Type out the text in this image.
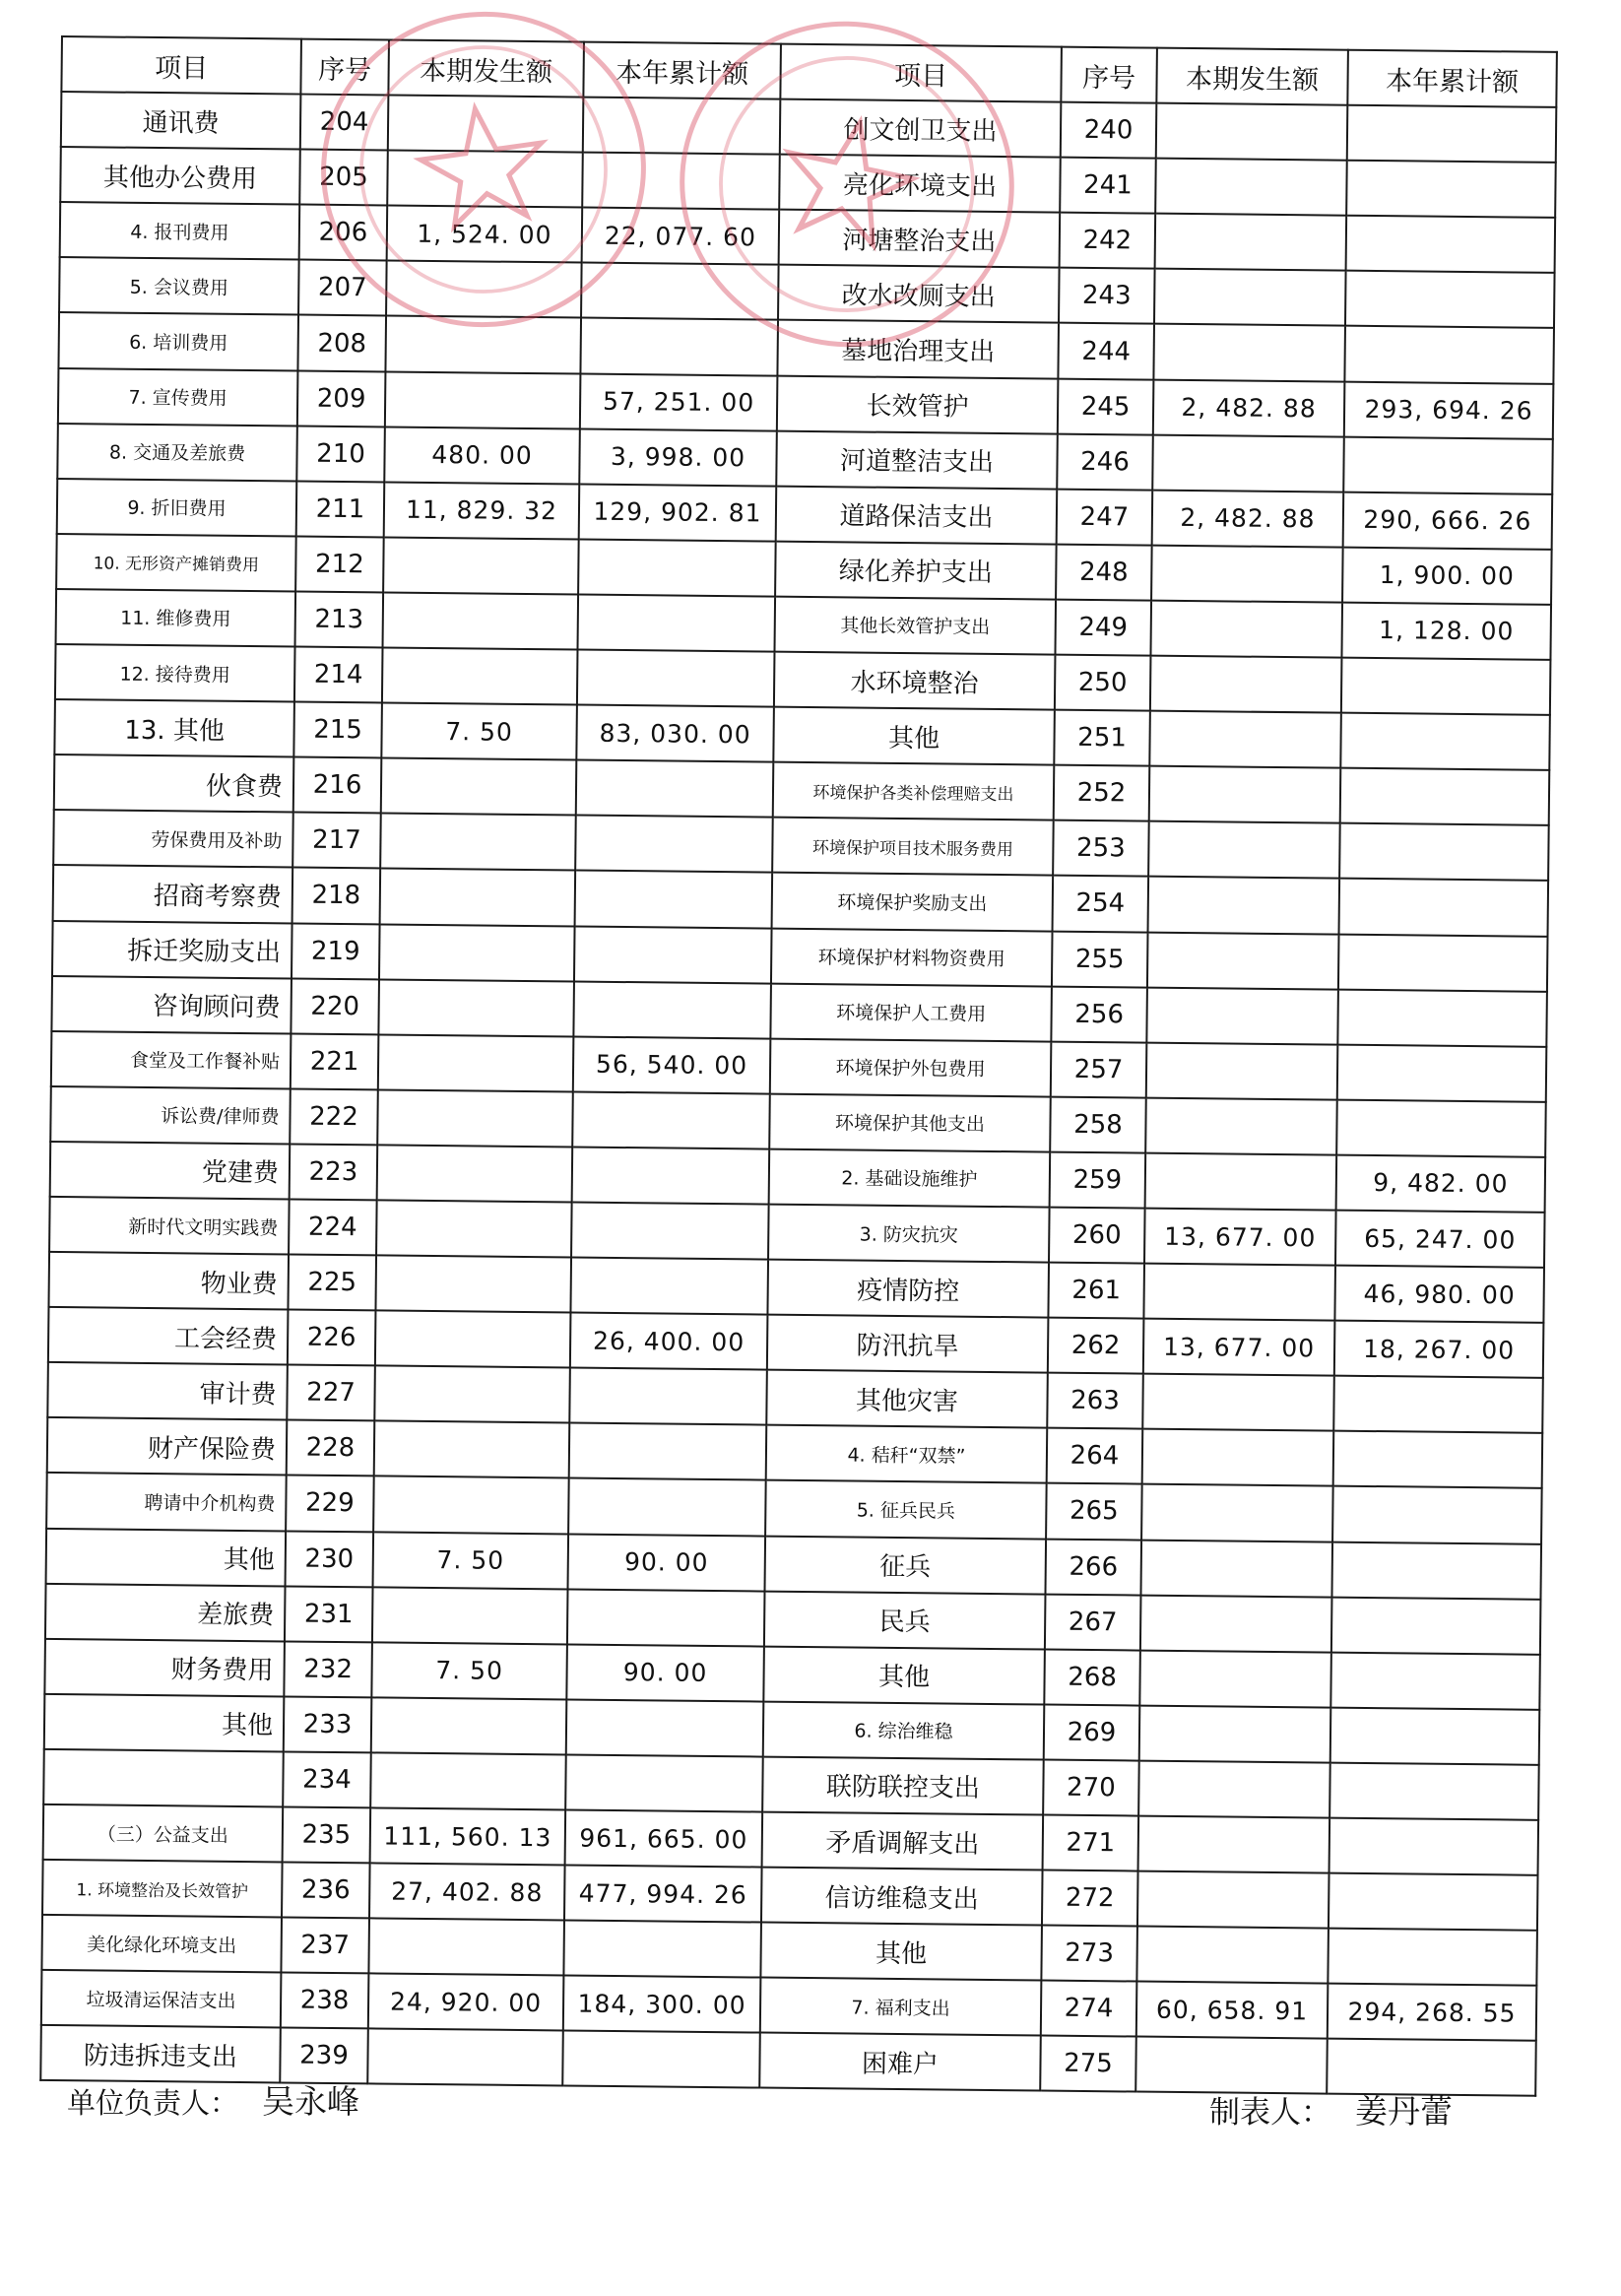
项目	序号	本期发生额	本年累计额	项目	序号	本期发生额	本年累计额
通讯费	204			创文创卫支出	240		
其他办公费用	205			亮化环境支出	241		
4. 报刊费用	206	1, 524. 00	22, 077. 60	河塘整治支出	242		
5. 会议费用	207			改水改厕支出	243		
6. 培训费用	208			墓地治理支出	244		
7. 宣传费用	209		57, 251. 00	长效管护	245	2, 482. 88	293, 694. 26
8. 交通及差旅费	210	480. 00	3, 998. 00	河道整洁支出	246		
9. 折旧费用	211	11, 829. 32	129, 902. 81	道路保洁支出	247	2, 482. 88	290, 666. 26
10. 无形资产摊销费用	212			绿化养护支出	248		1, 900. 00
11. 维修费用	213			其他长效管护支出	249		1, 128. 00
12. 接待费用	214			水环境整治	250		
13. 其他	215	7. 50	83, 030. 00	其他	251		
伙食费	216			环境保护各类补偿理赔支出	252		
劳保费用及补助	217			环境保护项目技术服务费用	253		
招商考察费	218			环境保护奖励支出	254		
拆迁奖励支出	219			环境保护材料物资费用	255		
咨询顾问费	220			环境保护人工费用	256		
食堂及工作餐补贴	221		56, 540. 00	环境保护外包费用	257		
诉讼费/律师费	222			环境保护其他支出	258		
党建费	223			2. 基础设施维护	259		9, 482. 00
新时代文明实践费	224			3. 防灾抗灾	260	13, 677. 00	65, 247. 00
物业费	225			疫情防控	261		46, 980. 00
工会经费	226		26, 400. 00	防汛抗旱	262	13, 677. 00	18, 267. 00
审计费	227			其他灾害	263		
财产保险费	228			4. 秸秆“双禁”	264		
聘请中介机构费	229			5. 征兵民兵	265		
其他	230	7. 50	90. 00	征兵	266		
差旅费	231			民兵	267		
财务费用	232	7. 50	90. 00	其他	268		
其他	233			6. 综治维稳	269		
	234			联防联控支出	270		
（三）公益支出	235	111, 560. 13	961, 665. 00	矛盾调解支出	271		
1. 环境整治及长效管护	236	27, 402. 88	477, 994. 26	信访维稳支出	272		
美化绿化环境支出	237			其他	273		
垃圾清运保洁支出	238	24, 920. 00	184, 300. 00	7. 福利支出	274	60, 658. 91	294, 268. 55
防违拆违支出	239			困难户	275		
单位负责人： 吴永峰	制表人： 姜丹蕾
